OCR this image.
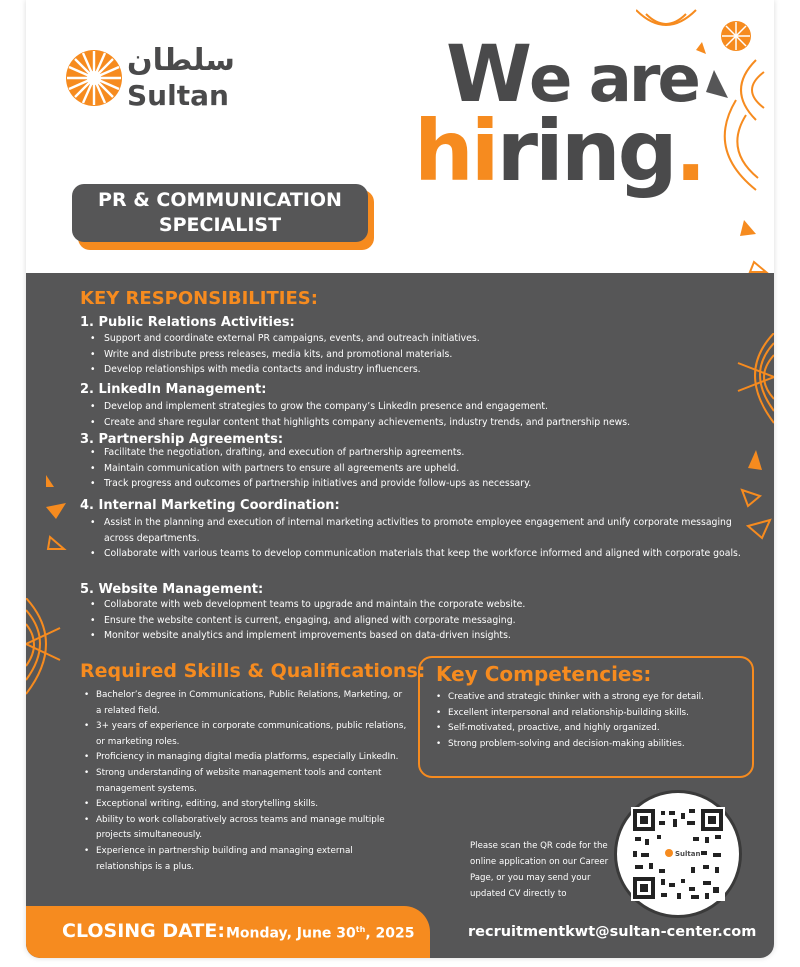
سلطان
Sultan	We are
hiring.
PR & COMMUNICATION
SPECIALIST
KEY RESPONSIBILITIES:
1. Public Relations Activities:
• Support and coordinate external PR campaigns, events, and outreach initiatives.
• Write and distribute press releases, media kits, and promotional materials.
• Develop relationships with media contacts and industry influencers.
2. LinkedIn Management:
• Develop and implement strategies to grow the company’s LinkedIn presence and engagement.
• Create and share regular content that highlights company achievements, industry trends, and partnership news.
3. Partnership Agreements:
• Facilitate the negotiation, drafting, and execution of partnership agreements.
• Maintain communication with partners to ensure all agreements are upheld.
• Track progress and outcomes of partnership initiatives and provide follow-ups as necessary.
4. Internal Marketing Coordination:
• Assist in the planning and execution of internal marketing activities to promote employee engagement and unify corporate messaging across departments.
• Collaborate with various teams to develop communication materials that keep the workforce informed and aligned with corporate goals.
5. Website Management:
• Collaborate with web development teams to upgrade and maintain the corporate website.
• Ensure the website content is current, engaging, and aligned with corporate messaging.
• Monitor website analytics and implement improvements based on data-driven insights.
Required Skills & Qualifications:
• Bachelor’s degree in Communications, Public Relations, Marketing, or a related field.
• 3+ years of experience in corporate communications, public relations, or marketing roles.
• Proficiency in managing digital media platforms, especially LinkedIn.
• Strong understanding of website management tools and content management systems.
• Exceptional writing, editing, and storytelling skills.
• Ability to work collaboratively across teams and manage multiple projects simultaneously.
• Experience in partnership building and managing external relationships is a plus.
Key Competencies:
• Creative and strategic thinker with a strong eye for detail.
• Excellent interpersonal and relationship-building skills.
• Self-motivated, proactive, and highly organized.
• Strong problem-solving and decision-making abilities.
Please scan the QR code for the online application on our Career Page, or you may send your updated CV directly to
Sultan
recruitmentkwt@sultan-center.com
CLOSING DATE: Monday, June 30th, 2025
